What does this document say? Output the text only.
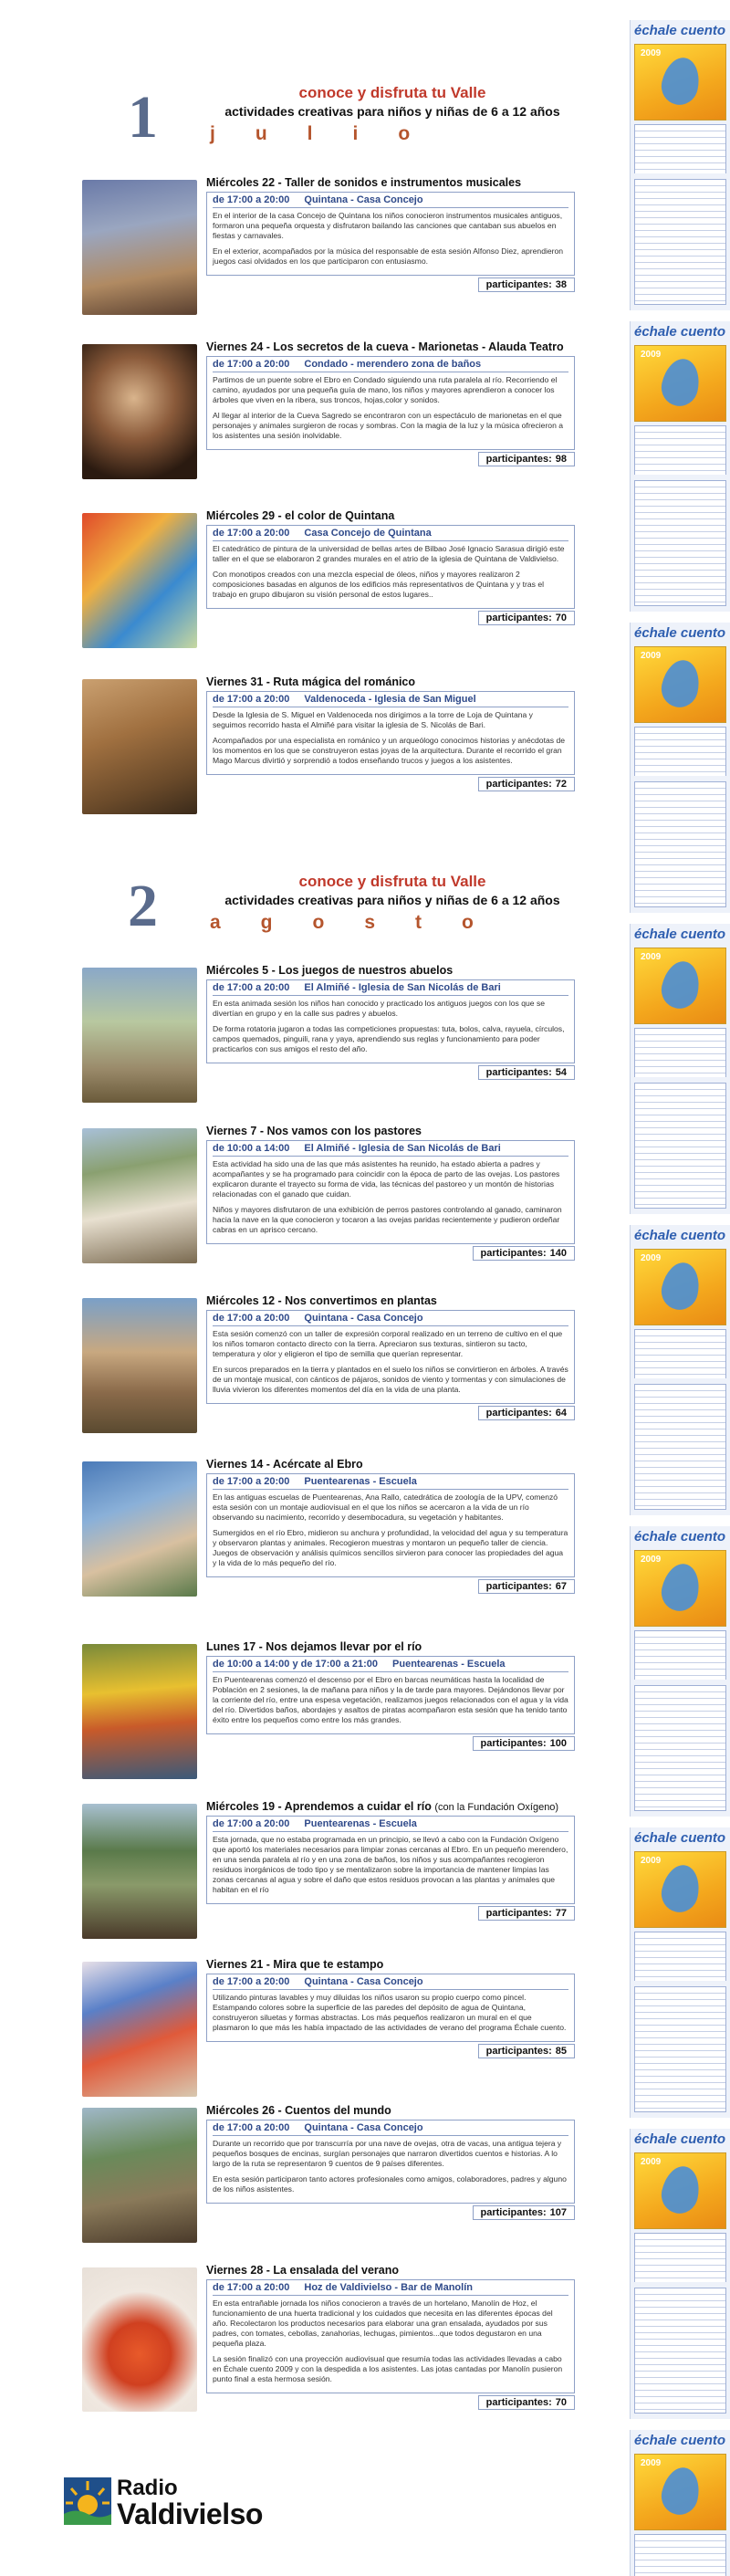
1	conoce y disfruta tu Valle
actividades creativas para niños y niñas de 6 a 12 años
julio
Miércoles 22 - Taller de sonidos e instrumentos musicales
de 17:00 a 20:00 Quintana - Casa Concejo

En el interior de la casa Concejo de Quintana los niños conocieron instrumentos musicales antiguos, formaron una pequeña orquesta y disfrutaron bailando las canciones que cantaban sus abuelos en fiestas y carnavales.

En el exterior, acompañados por la música del responsable de esta sesión Alfonso Diez, aprendieron juegos casi olvidados en los que participaron con entusiasmo.

participantes: 38
Viernes 24 - Los secretos de la cueva - Marionetas - Alauda Teatro
de 17:00 a 20:00 Condado - merendero zona de baños

Partimos de un puente sobre el Ebro en Condado siguiendo una ruta paralela al río. Recorriendo el camino, ayudados por una pequeña guía de mano, los niños y mayores aprendieron a conocer los árboles que viven en la ribera, sus troncos, hojas,color y sonidos.

Al llegar al interior de la Cueva Sagredo se encontraron con un espectáculo de marionetas en el que personajes y animales surgieron de rocas y sombras. Con la magia de la luz y la música ofrecieron a los asistentes una sesión inolvidable.

participantes: 98
Miércoles 29 - el color de Quintana
de 17:00 a 20:00 Casa Concejo de Quintana

El catedrático de pintura de la universidad de bellas artes de Bilbao José Ignacio Sarasua dirigió este taller en el que se elaboraron 2 grandes murales en el atrio de la iglesia de Quintana de Valdivielso.

Con monotipos creados con una mezcla especial de óleos, niños y mayores realizaron 2 composiciones basadas en algunos de los edificios más representativos de Quintana y y tras el trabajo en grupo dibujaron su visión personal de estos lugares..

participantes: 70
Viernes 31 - Ruta mágica del románico
de 17:00 a 20:00 Valdenoceda - Iglesia de San Miguel

Desde la Iglesia de S. Miguel en Valdenoceda nos dirigimos a la torre de Loja de Quintana y seguimos recorrido hasta el Almiñé para visitar la iglesia de S. Nicolás de Bari.

Acompañados por una especialista en románico y un arqueólogo conocimos historias y anécdotas de los momentos en los que se construyeron estas joyas de la arquitectura. Durante el recorrido el gran Mago Marcus divirtió y sorprendió a todos enseñando trucos y juegos a los asistentes.

participantes: 72
2	conoce y disfruta tu Valle
actividades creativas para niños y niñas de 6 a 12 años
agosto
Miércoles 5 - Los juegos de nuestros abuelos
de 17:00 a 20:00 El Almiñé - Iglesia de San Nicolás de Bari

En esta animada sesión los niños han conocido y practicado los antiguos juegos con los que se divertían en grupo y en la calle sus padres y abuelos.

De forma rotatoria jugaron a todas las competiciones propuestas: tuta, bolos, calva, rayuela, círculos, campos quemados, pinguili, rana y yaya, aprendiendo sus reglas y funcionamiento para poder practicarlos con sus amigos el resto del año.

participantes: 54
Viernes 7 - Nos vamos con los pastores
de 10:00 a 14:00 El Almiñé - Iglesia de San Nicolás de Bari

Esta actividad ha sido una de las que más asistentes ha reunido, ha estado abierta a padres y acompañantes y se ha programado para coincidir con la época de parto de las ovejas. Los pastores explicaron durante el trayecto su forma de vida, las técnicas del pastoreo y un montón de historias relacionadas con el ganado que cuidan.

Niños y mayores disfrutaron de una exhibición de perros pastores controlando al ganado, caminaron hacia la nave en la que conocieron y tocaron a las ovejas paridas recientemente y pudieron ordeñar cabras en un aprisco cercano.

participantes: 140
Miércoles 12 - Nos convertimos en plantas
de 17:00 a 20:00 Quintana - Casa Concejo

Esta sesión comenzó con un taller de expresión corporal realizado en un terreno de cultivo en el que los niños tomaron contacto directo con la tierra. Apreciaron sus texturas, sintieron su tacto, temperatura y olor y eligieron el tipo de semilla que querían representar.

En surcos preparados en la tierra y plantados en el suelo los niños se convirtieron en árboles. A través de un montaje musical, con cánticos de pájaros, sonidos de viento y tormentas y con simulaciones de lluvia vivieron los diferentes momentos del día en la vida de una planta.

participantes: 64
Viernes 14 - Acércate al Ebro
de 17:00 a 20:00 Puentearenas - Escuela

En las antiguas escuelas de Puentearenas, Ana Rallo, catedrática de zoología de la UPV, comenzó esta sesión con un montaje audiovisual en el que los niños se acercaron a la vida de un río observando su nacimiento, recorrido y desembocadura, su vegetación y habitantes.

Sumergidos en el río Ebro, midieron su anchura y profundidad, la velocidad del agua y su temperatura y observaron plantas y animales. Recogieron muestras y montaron un pequeño taller de ciencia. Juegos de observación y análisis químicos sencillos sirvieron para conocer las propiedades del agua y la vida de lo más pequeño del río.

participantes: 67
Lunes 17 - Nos dejamos llevar por el río
de 10:00 a 14:00 y de 17:00 a 21:00 Puentearenas - Escuela

En Puentearenas comenzó el descenso por el Ebro en barcas neumáticas hasta la localidad de Población en 2 sesiones, la de mañana para niños y la de tarde para mayores. Dejándonos llevar por la corriente del río, entre una espesa vegetación, realizamos juegos relacionados con el agua y la vida del río. Divertidos baños, abordajes y asaltos de piratas acompañaron esta sesión que ha tenido tanto éxito entre los pequeños como entre los más grandes.

participantes: 100
Miércoles 19 - Aprendemos a cuidar el río (con la Fundación Oxígeno)
de 17:00 a 20:00 Puentearenas - Escuela

Esta jornada, que no estaba programada en un principio, se llevó a cabo con la Fundación Oxígeno que aportó los materiales necesarios para limpiar zonas cercanas al Ebro. En un pequeño merendero, en una senda paralela al río y en una zona de baños, los niños y sus acompañantes recogieron residuos inorgánicos de todo tipo y se mentalizaron sobre la importancia de mantener limpias las zonas cercanas al agua y sobre el daño que estos residuos provocan a las plantas y animales que habitan en el río

participantes: 77
Viernes 21 - Mira que te estampo
de 17:00 a 20:00 Quintana - Casa Concejo

Utilizando pinturas lavables y muy diluidas los niños usaron su propio cuerpo como pincel. Estampando colores sobre la superficie de las paredes del depósito de agua de Quintana, construyeron siluetas y formas abstractas. Los más pequeños realizaron un mural en el que plasmaron lo que más les había impactado de las actividades de verano del programa Échale cuento.

participantes: 85
Miércoles 26 - Cuentos del mundo
de 17:00 a 20:00 Quintana - Casa Concejo

Durante un recorrido que por transcurría por una nave de ovejas, otra de vacas, una antigua tejera y pequeños bosques de encinas, surgían personajes que narraron divertidos cuentos e historias. A lo largo de la ruta se representaron 9 cuentos de 9 países diferentes.

En esta sesión participaron tanto actores profesionales como amigos, colaboradores, padres y alguno de los niños asistentes.

participantes: 107
Viernes 28 - La ensalada del verano
de 17:00 a 20:00 Hoz de Valdivielso - Bar de Manolín

En esta entrañable jornada los niños conocieron a través de un hortelano, Manolín de Hoz, el funcionamiento de una huerta tradicional y los cuidados que necesita en las diferentes épocas del año. Recolectaron los productos necesarios para elaborar una gran ensalada, ayudados por sus padres, con tomates, cebollas, zanahorias, lechugas, pimientos...que todos degustaron en una pequeña plaza.

La sesión finalizó con una proyección audiovisual que resumía todas las actividades llevadas a cabo en Échale cuento 2009 y con la despedida a los asistentes. Las jotas cantadas por Manolín pusieron punto final a esta hermosa sesión.

participantes: 70
échale cuento
2009
échale cuento
2009
échale cuento
2009
échale cuento
2009
échale cuento
2009
échale cuento
2009
échale cuento
2009
échale cuento
2009
échale cuento
2009
Radio
Valdivielso
